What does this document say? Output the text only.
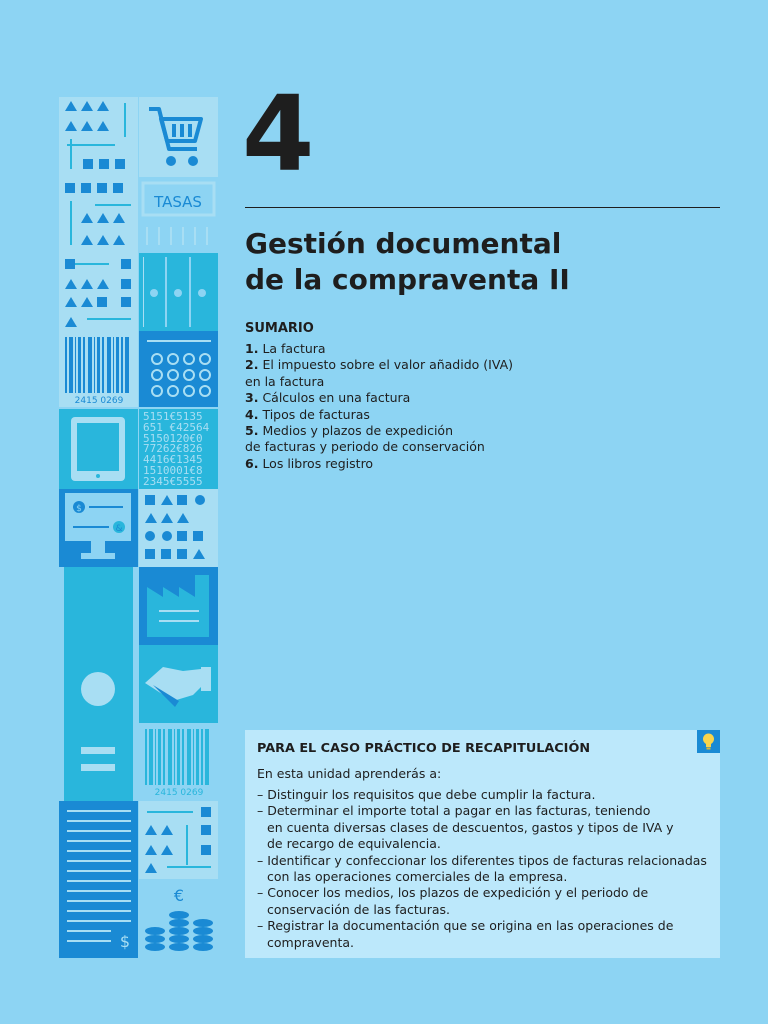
TASAS
2415 0269
5151€5135
651 €42564
5150120€0
77262€826
4416€1345
1510001€8
2345€5555
$
&
2415 0269
$
€
4
Gestión documental
de la compraventa II
SUMARIO
1. La factura
2. El impuesto sobre el valor añadido (IVA)
en la factura
3. Cálculos en una factura
4. Tipos de facturas
5. Medios y plazos de expedición
de facturas y periodo de conservación
6. Los libros registro
PARA EL CASO PRÁCTICO DE RECAPITULACIÓN
En esta unidad aprenderás a:
– Distinguir los requisitos que debe cumplir la factura.
– Determinar el importe total a pagar en las facturas, teniendo
en cuenta diversas clases de descuentos, gastos y tipos de IVA y
de recargo de equivalencia.
– Identificar y confeccionar los diferentes tipos de facturas relacionadas
con las operaciones comerciales de la empresa.
– Conocer los medios, los plazos de expedición y el periodo de
conservación de las facturas.
– Registrar la documentación que se origina en las operaciones de
compraventa.
